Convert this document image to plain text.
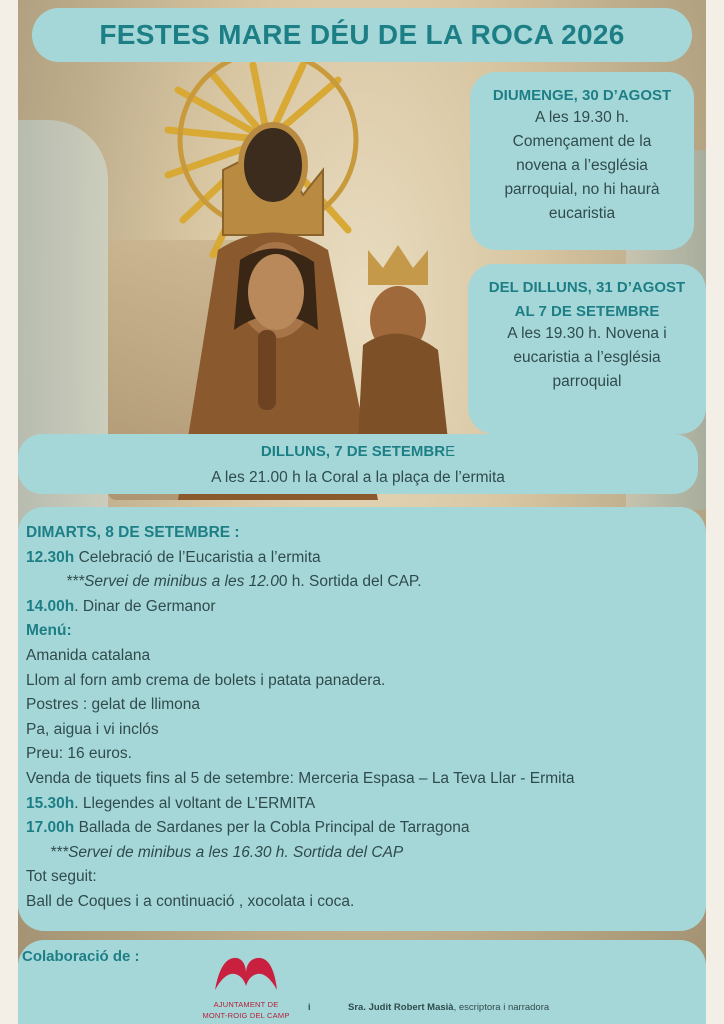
FESTES MARE DÉU DE LA ROCA 2026
DIUMENGE, 30 D’AGOST
A les 19.30 h.
Començament de la
novena a l’església
parroquial, no hi haurà
eucaristia
DEL DILLUNS, 31 D’AGOST
AL 7 DE SETEMBRE
A les 19.30 h. Novena i
eucaristia a l’església
parroquial
DILLUNS, 7 DE SETEMBRE
A les 21.00 h la Coral a la plaça de l’ermita
DIMARTS, 8 DE SETEMBRE :
12.30h Celebració de l’Eucaristia a l’ermita
***Servei de minibus a les 12.00 h. Sortida del CAP.
14.00h. Dinar de Germanor
Menú:
Amanida catalana
Llom al forn amb crema de bolets i patata panadera.
Postres : gelat de llimona
Pa, aigua i vi inclós
Preu: 16 euros.
Venda de tiquets fins al 5 de setembre: Merceria Espasa – La Teva Llar - Ermita
15.30h. Llegendes al voltant de L’ERMITA
17.00h Ballada de Sardanes per la Cobla Principal de Tarragona
***Servei de minibus a les 16.30 h. Sortida del CAP
Tot seguit:
Ball de Coques i a continuació , xocolata i coca.
Colaboració de :
AJUNTAMENT DE
MONT-ROIG DEL CAMP
i	Sra. Judit Robert Masià, escriptora i narradora
